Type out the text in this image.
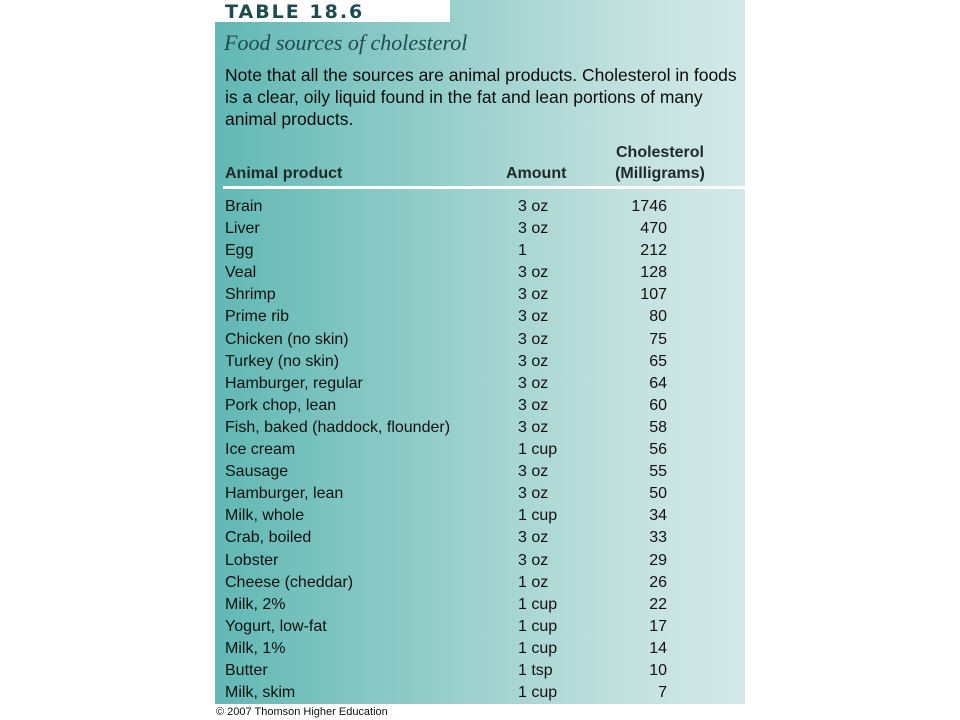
TABLE 18.6
Food sources of cholesterol
Note that all the sources are animal products. Cholesterol in foods is a clear, oily liquid found in the fat and lean portions of many animal products.
Animal product	Amount
Cholesterol
(Milligrams)
Brain	3 oz	1746
Liver	3 oz	470
Egg	1	212
Veal	3 oz	128
Shrimp	3 oz	107
Prime rib	3 oz	80
Chicken (no skin)	3 oz	75
Turkey (no skin)	3 oz	65
Hamburger, regular	3 oz	64
Pork chop, lean	3 oz	60
Fish, baked (haddock, flounder)	3 oz	58
Ice cream	1 cup	56
Sausage	3 oz	55
Hamburger, lean	3 oz	50
Milk, whole	1 cup	34
Crab, boiled	3 oz	33
Lobster	3 oz	29
Cheese (cheddar)	1 oz	26
Milk, 2%	1 cup	22
Yogurt, low-fat	1 cup	17
Milk, 1%	1 cup	14
Butter	1 tsp	10
Milk, skim	1 cup	7
© 2007 Thomson Higher Education
